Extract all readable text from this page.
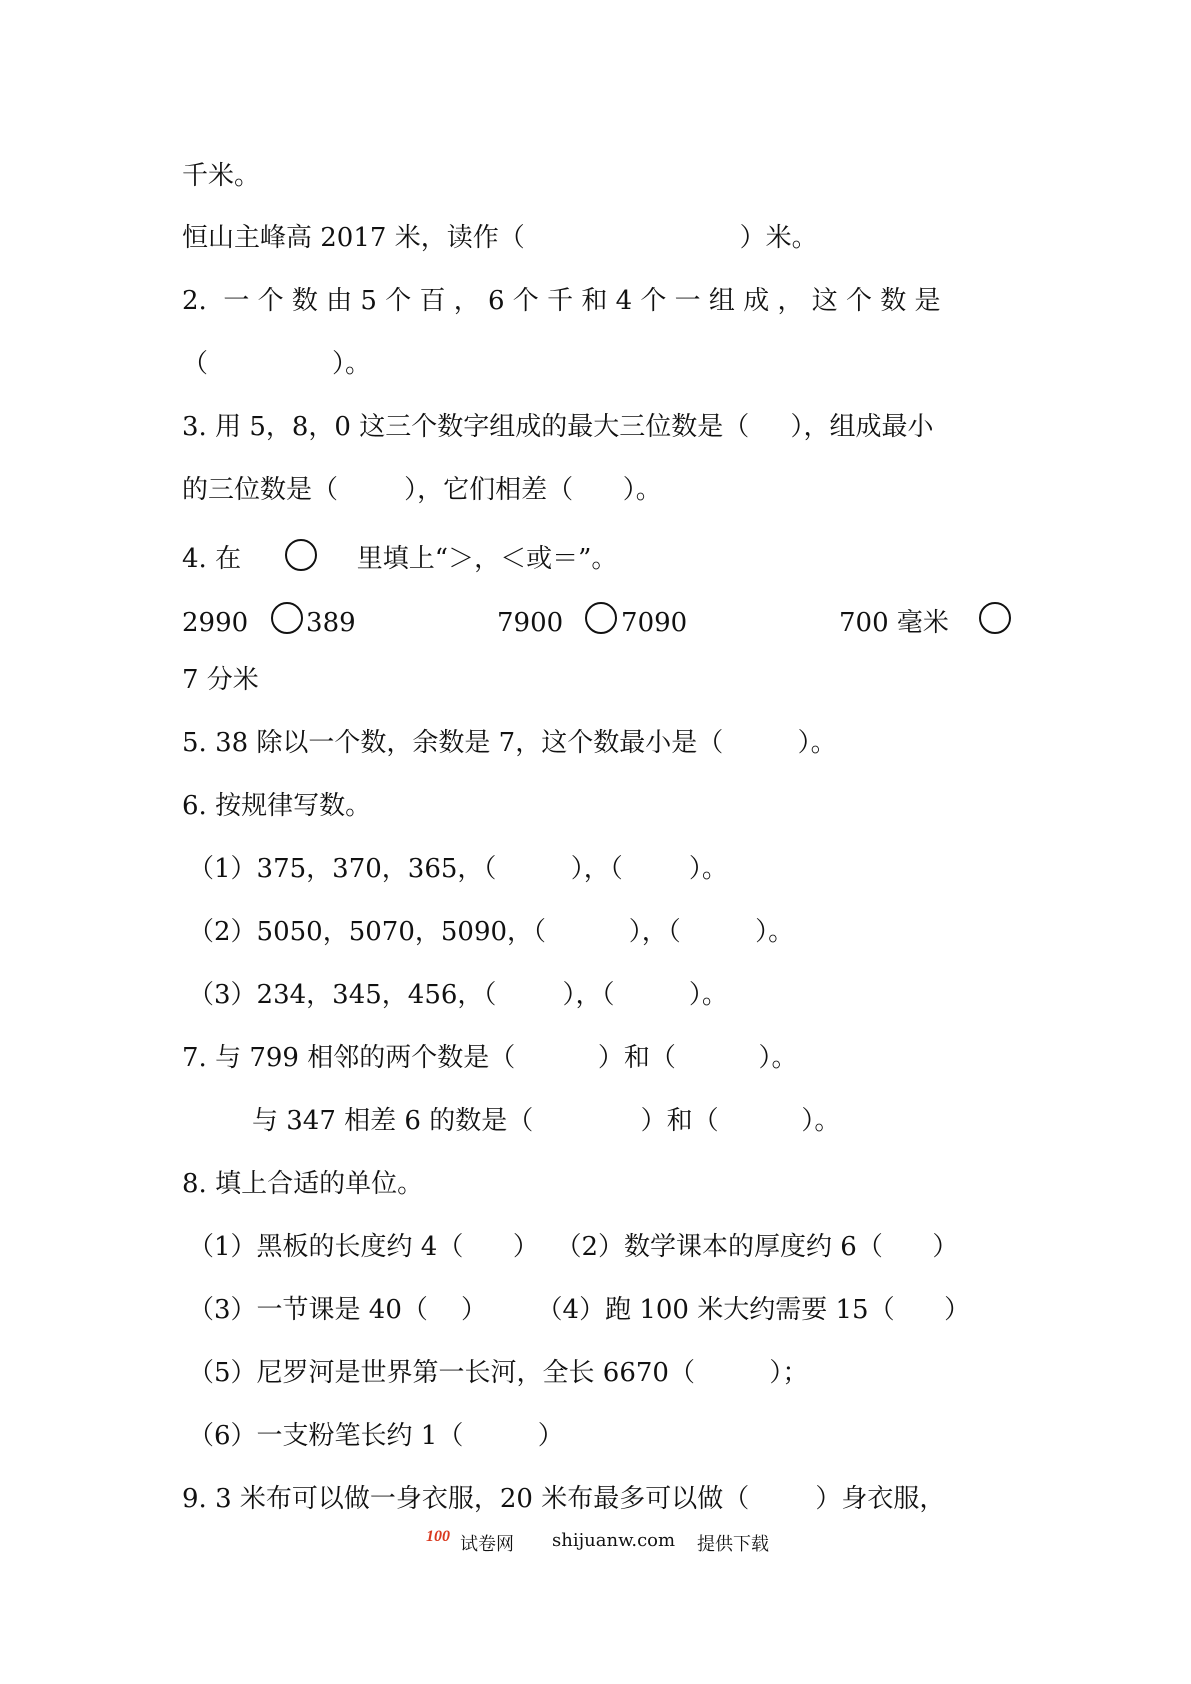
千米。
恒山主峰高 2017 米，读作（                          ）米。
2.  一 个 数 由 5 个 百 ， 6 个 千 和 4 个 一 组 成 ， 这 个 数 是
（               ）。
3. 用 5，8，0 这三个数字组成的最大三位数是（     ），组成最小
的三位数是（        ），它们相差（      ）。
4. 在              里填上“＞，＜或＝”。
2990       389	7900       7090	700 毫米
7 分米
5. 38 除以一个数，余数是 7，这个数最小是（         ）。
6. 按规律写数。
（1）375，370，365，（         ），（        ）。
（2）5050，5070，5090，（          ），（         ）。
（3）234，345，456，（        ），（         ）。
7. 与 799 相邻的两个数是（          ）和（          ）。
与 347 相差 6 的数是（             ）和（          ）。
8. 填上合适的单位。
（1）黑板的长度约 4（      ）  （2）数学课本的厚度约 6（      ）
（3）一节课是 40（    ）      （4）跑 100 米大约需要 15（      ）
（5）尼罗河是世界第一长河，全长 6670（         ）；
（6）一支粉笔长约 1（         ）
9. 3 米布可以做一身衣服，20 米布最多可以做（        ）身衣服，
100 试卷网 shijuanw.com 提供下载
